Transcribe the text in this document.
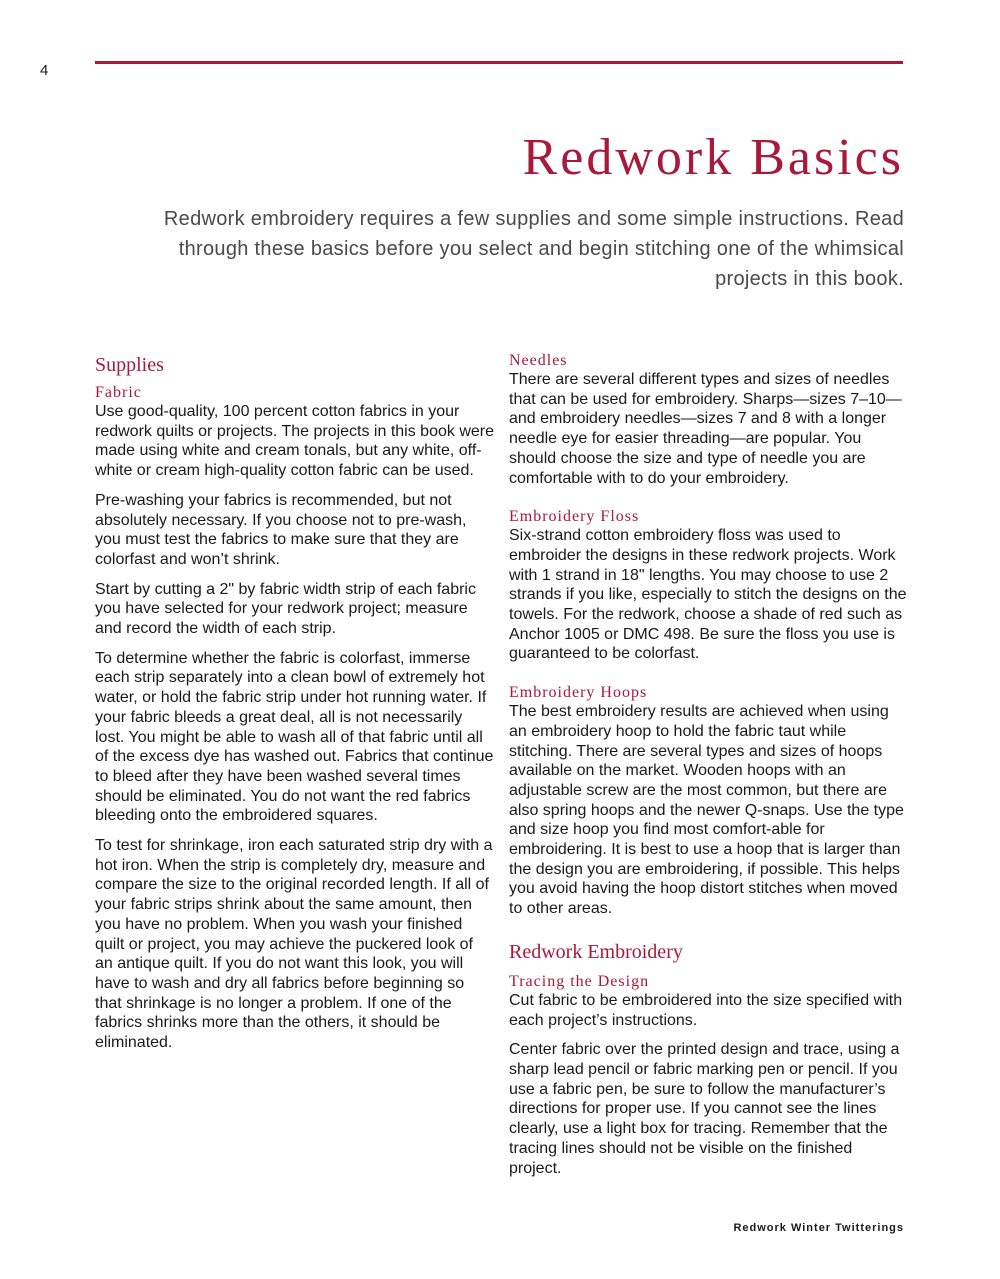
4
Redwork Basics

Redwork embroidery requires a few supplies and some simple instructions. Read through these basics before you select and begin stitching one of the whimsical projects in this book.

Supplies
Fabric

Use good-quality, 100 percent cotton fabrics in your redwork quilts or projects. The projects in this book were made using white and cream tonals, but any white, off-white or cream high-quality cotton fabric can be used.

Pre-washing your fabrics is recommended, but not absolutely necessary. If you choose not to pre-wash, you must test the fabrics to make sure that they are colorfast and won’t shrink.

Start by cutting a 2" by fabric width strip of each fabric you have selected for your redwork project; measure and record the width of each strip.

To determine whether the fabric is colorfast, immerse each strip separately into a clean bowl of extremely hot water, or hold the fabric strip under hot running water. If your fabric bleeds a great deal, all is not necessarily lost. You might be able to wash all of that fabric until all of the excess dye has washed out. Fabrics that continue to bleed after they have been washed several times should be eliminated. You do not want the red fabrics bleeding onto the embroidered squares.

To test for shrinkage, iron each saturated strip dry with a hot iron. When the strip is completely dry, measure and compare the size to the original recorded length. If all of your fabric strips shrink about the same amount, then you have no problem. When you wash your finished quilt or project, you may achieve the puckered look of an antique quilt. If you do not want this look, you will have to wash and dry all fabrics before beginning so that shrinkage is no longer a problem. If one of the fabrics shrinks more than the others, it should be eliminated.

Needles

There are several different types and sizes of needles that can be used for embroidery. Sharps—sizes 7–10—and embroidery needles—sizes 7 and 8 with a longer needle eye for easier threading—are popular. You should choose the size and type of needle you are comfortable with to do your embroidery.

Embroidery Floss

Six-strand cotton embroidery floss was used to embroider the designs in these redwork projects. Work with 1 strand in 18" lengths. You may choose to use 2 strands if you like, especially to stitch the designs on the towels. For the redwork, choose a shade of red such as Anchor 1005 or DMC 498. Be sure the floss you use is guaranteed to be colorfast.

Embroidery Hoops

The best embroidery results are achieved when using an embroidery hoop to hold the fabric taut while stitching. There are several types and sizes of hoops available on the market. Wooden hoops with an adjustable screw are the most common, but there are also spring hoops and the newer Q-snaps. Use the type and size hoop you find most comfort-able for embroidering. It is best to use a hoop that is larger than the design you are embroidering, if possible. This helps you avoid having the hoop distort stitches when moved to other areas.

Redwork Embroidery
Tracing the Design

Cut fabric to be embroidered into the size specified with each project’s instructions.

Center fabric over the printed design and trace, using a sharp lead pencil or fabric marking pen or pencil. If you use a fabric pen, be sure to follow the manufacturer’s directions for proper use. If you cannot see the lines clearly, use a light box for tracing. Remember that the tracing lines should not be visible on the finished project.

Redwork Winter Twitterings
